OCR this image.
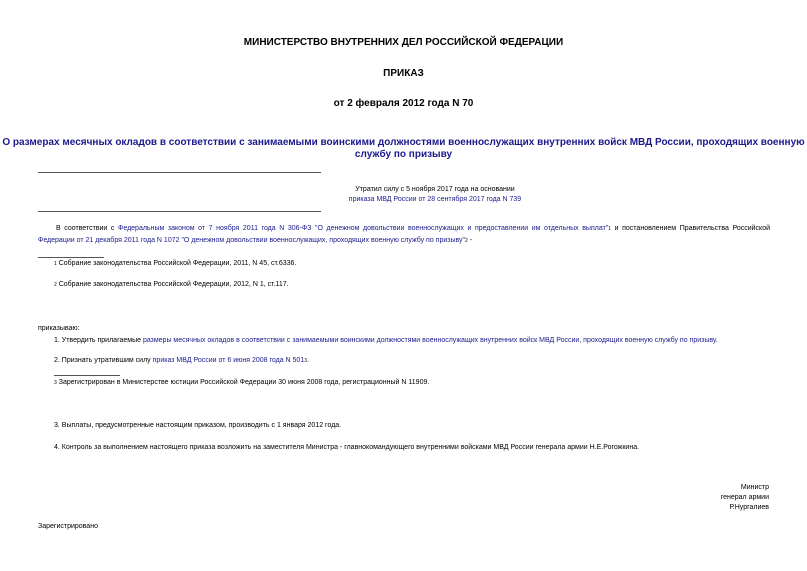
МИНИСТЕРСТВО ВНУТРЕННИХ ДЕЛ РОССИЙСКОЙ ФЕДЕРАЦИИ
ПРИКАЗ
от 2 февраля 2012 года N 70
О размерах месячных окладов в соответствии с занимаемыми воинскими должностями военнослужащих внутренних войск МВД России, проходящих военную
службу по призыву
Утратил силу с 5 ноября 2017 года на основании
приказа МВД России от 28 сентября 2017 года N 739
В соответствии с Федеральным законом от 7 ноября 2011 года N 306-ФЗ "О денежном довольствии военнослужащих и предоставлении им отдельных выплат"$^1$ и постановлением Правительства Российской
Федерации от 21 декабря 2011 года N 1072 "О денежном довольствии военнослужащих, проходящих военную службу по призыву"$^2$ -
$^1$ Собрание законодательства Российской Федерации, 2011, N 45, ст.6336.
$^2$ Собрание законодательства Российской Федерации, 2012, N 1, ст.117.
приказываю:
1. Утвердить прилагаемые размеры месячных окладов в соответствии с занимаемыми воинскими должностями военнослужащих внутренних войск МВД России, проходящих военную службу по призыву.
2. Признать утратившим силу приказ МВД России от 6 июня 2008 года N $501^3$.
$^3$ Зарегистрирован в Министерстве юстиции Российской Федерации 30 июня 2008 года, регистрационный N 11909.
3. Выплаты, предусмотренные настоящим приказом, производить с 1 января 2012 года.
4. Контроль за выполнением настоящего приказа возложить на заместителя Министра - главнокомандующего внутренними войсками МВД России генерала армии Н.Е.Рогожкина.
Министр
генерал армии
Р.Нургалиев
Зарегистрировано
